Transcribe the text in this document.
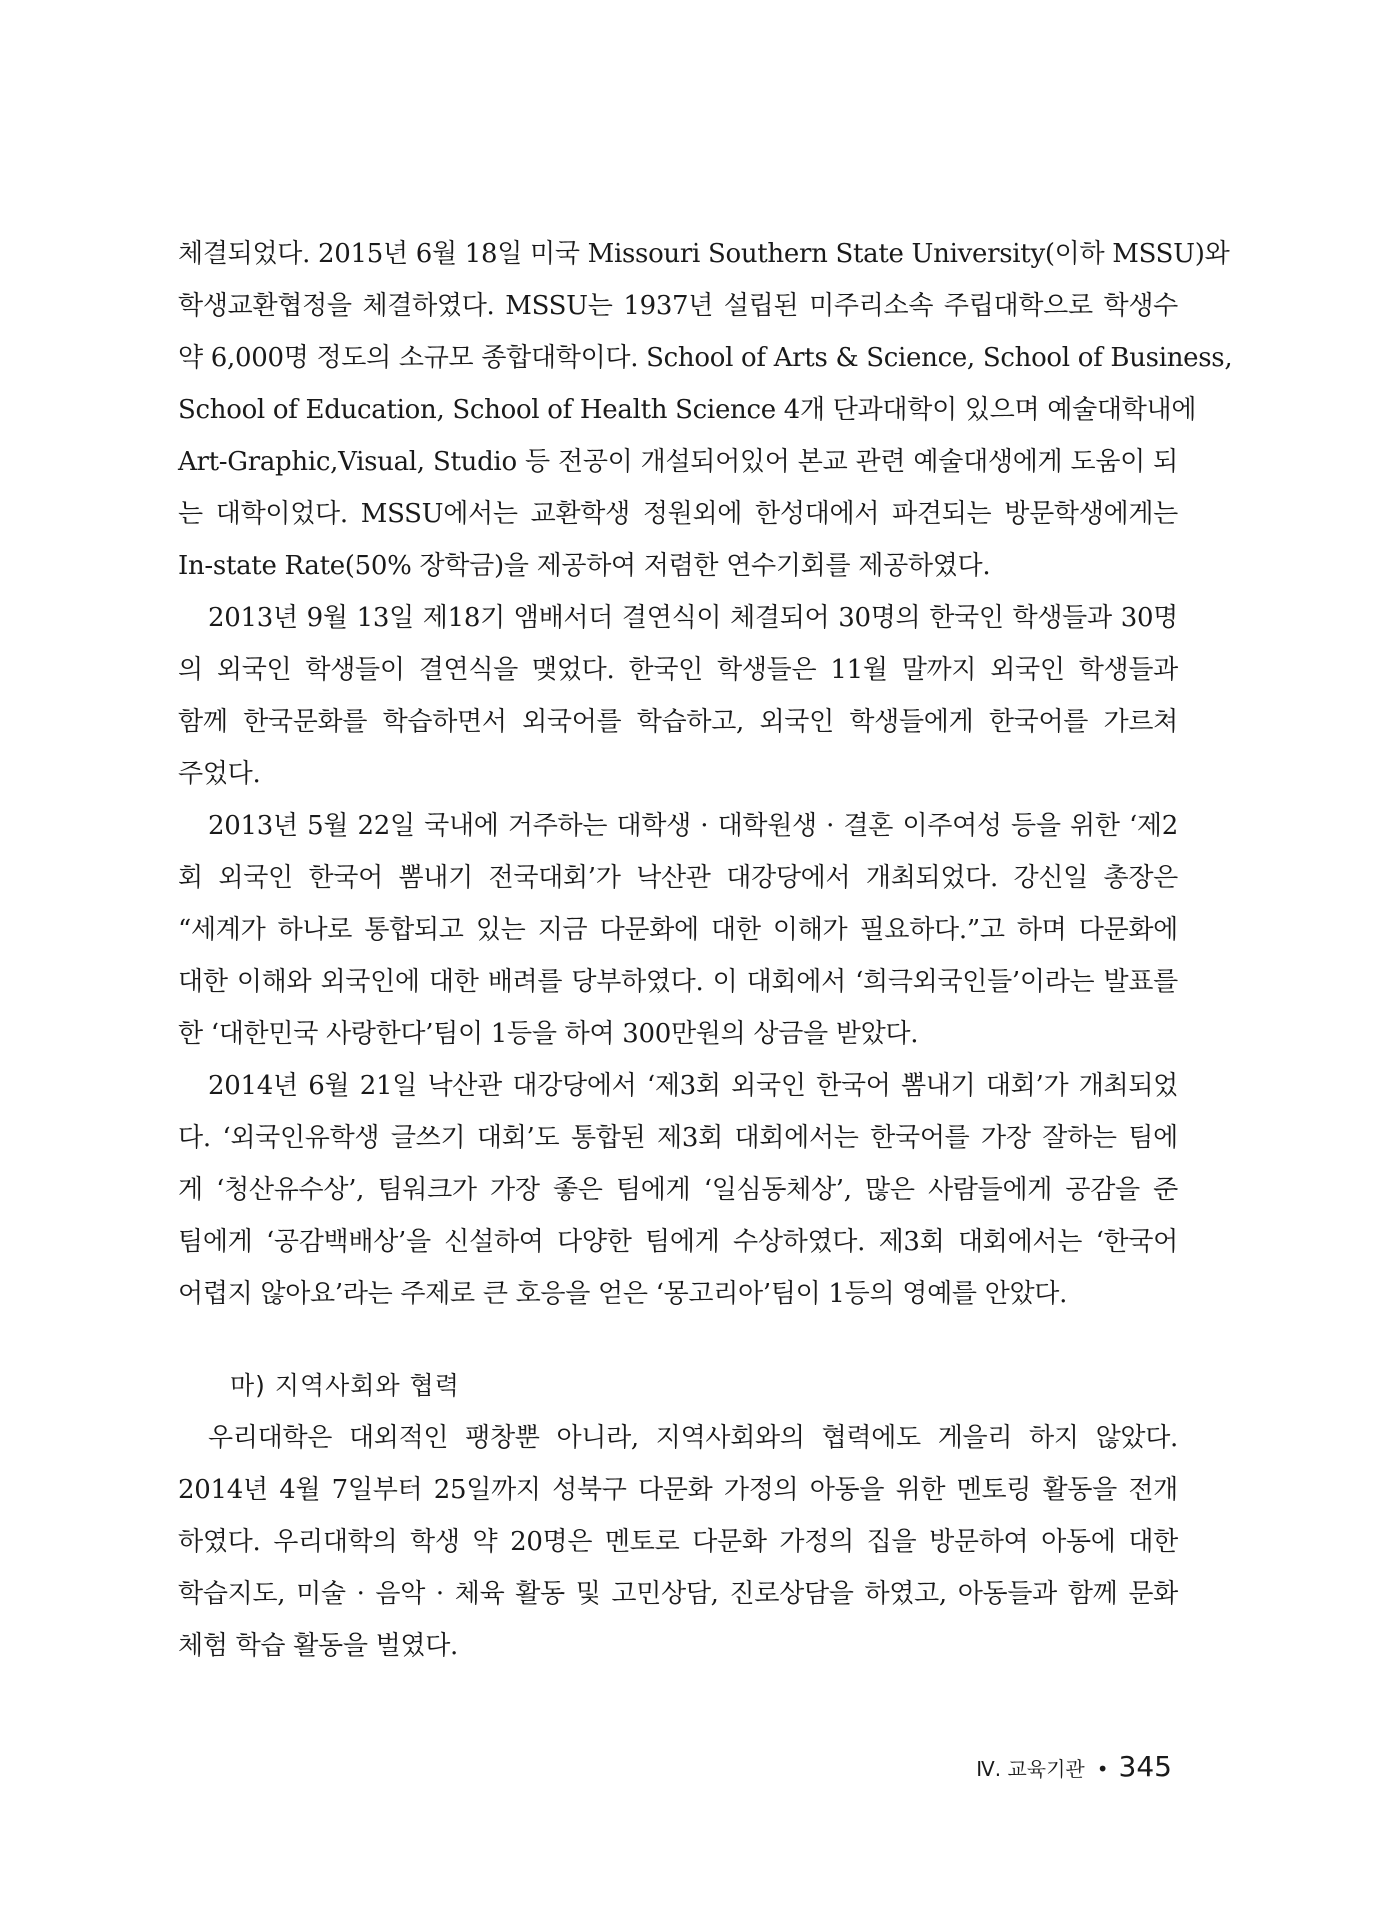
체결되었다. 2015년 6월 18일 미국 Missouri Southern State University(이하 MSSU)와
학생교환협정을 체결하였다. MSSU는 1937년 설립된 미주리소속 주립대학으로 학생수
약 6,000명 정도의 소규모 종합대학이다. School of Arts & Science, School of Business,
School of Education, School of Health Science 4개 단과대학이 있으며 예술대학내에
Art-Graphic,Visual, Studio 등 전공이 개설되어있어 본교 관련 예술대생에게 도움이 되
는 대학이었다. MSSU에서는 교환학생 정원외에 한성대에서 파견되는 방문학생에게는
In-state Rate(50% 장학금)을 제공하여 저렴한 연수기회를 제공하였다.
2013년 9월 13일 제18기 앰배서더 결연식이 체결되어 30명의 한국인 학생들과 30명
의 외국인 학생들이 결연식을 맺었다. 한국인 학생들은 11월 말까지 외국인 학생들과
함께 한국문화를 학습하면서 외국어를 학습하고, 외국인 학생들에게 한국어를 가르쳐
주었다.
2013년 5월 22일 국내에 거주하는 대학생 · 대학원생 · 결혼 이주여성 등을 위한 ‘제2
회 외국인 한국어 뽐내기 전국대회’가 낙산관 대강당에서 개최되었다. 강신일 총장은
“세계가 하나로 통합되고 있는 지금 다문화에 대한 이해가 필요하다.”고 하며 다문화에
대한 이해와 외국인에 대한 배려를 당부하였다. 이 대회에서 ‘희극외국인들’이라는 발표를
한 ‘대한민국 사랑한다’팀이 1등을 하여 300만원의 상금을 받았다.
2014년 6월 21일 낙산관 대강당에서 ‘제3회 외국인 한국어 뽐내기 대회’가 개최되었
다. ‘외국인유학생 글쓰기 대회’도 통합된 제3회 대회에서는 한국어를 가장 잘하는 팀에
게 ‘청산유수상’, 팀워크가 가장 좋은 팀에게 ‘일심동체상’, 많은 사람들에게 공감을 준
팀에게 ‘공감백배상’을 신설하여 다양한 팀에게 수상하였다. 제3회 대회에서는 ‘한국어
어렵지 않아요’라는 주제로 큰 호응을 얻은 ‘몽고리아’팀이 1등의 영예를 안았다.
마) 지역사회와 협력
우리대학은 대외적인 팽창뿐 아니라, 지역사회와의 협력에도 게을리 하지 않았다.
2014년 4월 7일부터 25일까지 성북구 다문화 가정의 아동을 위한 멘토링 활동을 전개
하였다. 우리대학의 학생 약 20명은 멘토로 다문화 가정의 집을 방문하여 아동에 대한
학습지도, 미술 · 음악 · 체육 활동 및 고민상담, 진로상담을 하였고, 아동들과 함께 문화
체험 학습 활동을 벌였다.
Ⅳ. 교육기관 • 345
